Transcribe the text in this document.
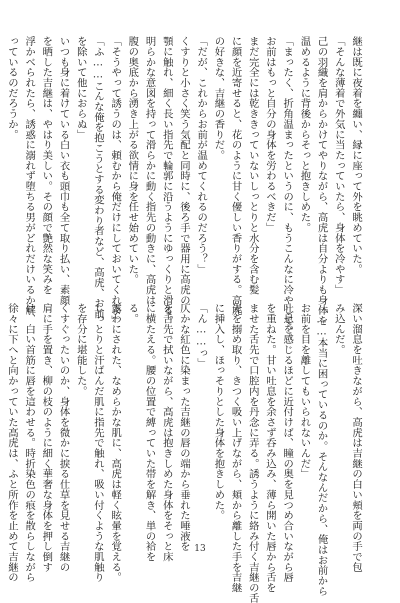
継は既に夜着を纏い、縁に座って外を眺めていた。
「そんな薄着で外気に当たっていたら、身体を冷やす」
己の羽織を肩からかけてやりながら、高虎は自分よりも身体を
温めるように背後からそっと抱きしめた。
「まったく、折角温まったというのに、もうこんなに冷やして。
お前はもっと自分の身体を労わるべきだ」
まだ完全には乾ききっていないしっとりと水分を含む髪
に顔を近寄せると、花のように甘く優しい香りがする。高虎
の好きな、吉継の香りだ。
「だが、これからお前が温めてくれるのだろう？」
くすりと小さく笑う気配と同時に、後ろ手で器用に高虎の
顎に触れ、細く長い指先で輪郭に沿うようにゆっくりと滑る。
明らかな意図を持って滑らかに動く指先の動きに、高虎は
腹の奥底から湧き上がる欲情に身を任せ始めていた。
「そうやって誘うのは、頼むから俺だけにしておいてくれよ」
「ふ……こんな俺を抱こうとする変わり者など、高虎、お前
を除いて他におらぬ」
いつも身に着けている白い衣も頭巾も全て取り払い、素顔
を晒した吉継は、やはり美しい。その顔で艶然な笑みを
浮かべられたら、誘惑に溺れず堕ちる男がどれだけいるか解
っているのだろうか。
深い溜息を吐きながら、高虎は吉継の白い頬を両の手で包
み込んだ。
「……本当に困っているのか。そんなんだから、俺はお前から
お前を目を離してもいられないんだ」
吐息を感じるほどに近付けば、瞳の奥を見つめ合いながら唇
を重ねた。甘い吐息を余さず呑み込み、薄ら開いた唇から舌を
ませた舌先で口腔内を丹念に弄る。誘うように絡み付く吉継の舌
先を搦め取り、きつく吸い上げながら、頬から離した手を吉継
に挿入し、ほっそりとした身体を抱きしめた。
「ん……っ」
仄かな紅色に染まった吉継の唇の端から垂れた唾液を
を舌先で拭いながら、高虎は抱きしめた身体をそっと床
に横たえる。腰の位置で縛っていた帯を解き、単の袷を
る。
露わにされた、なめらかな肌に、高虎は軽く眩暈を覚える。
しっとりと汗ばんだ肌に指先で触れ、吸い付くような肌触り
を存分に堪能した。
くすぐったいのか、身体を微かに捩る仕草を見せる吉継の
肩に手を置き、柳の枝のように細く華奢な身体を押し倒す
け、白い首筋に唇を這わせる。時折染色の痕を散らしながら
徐々に下へと向かっていた高虎は、ふと所作を止めて吉継の	13
